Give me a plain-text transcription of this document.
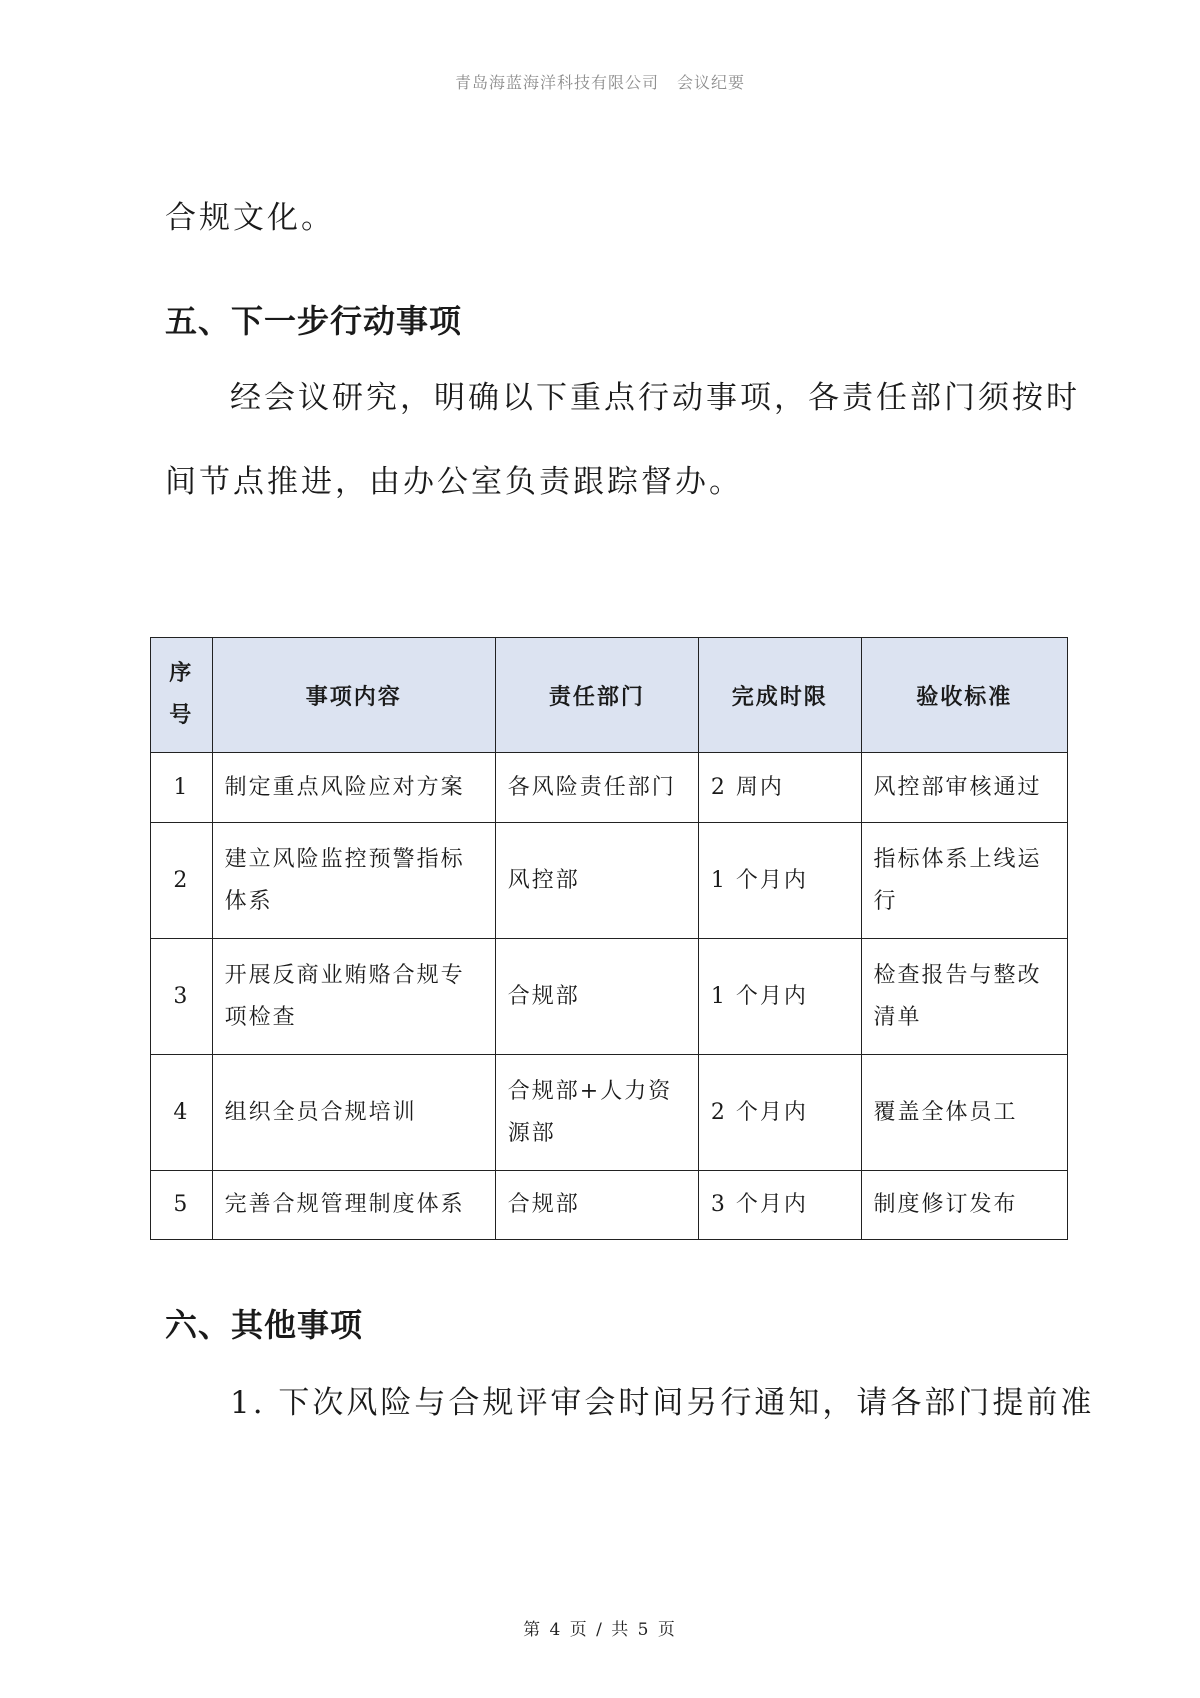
青岛海蓝海洋科技有限公司 会议纪要
合规文化。
五、下一步行动事项
经会议研究，明确以下重点行动事项，各责任部门须按时
间节点推进，由办公室负责跟踪督办。
序
号	事项内容	责任部门	完成时限	验收标准
1	制定重点风险应对方案	各风险责任部门	2 周内	风控部审核通过
2	建立风险监控预警指标体系	风控部	1 个月内	指标体系上线运行
3	开展反商业贿赂合规专项检查	合规部	1 个月内	检查报告与整改清单
4	组织全员合规培训	合规部+人力资源部	2 个月内	覆盖全体员工
5	完善合规管理制度体系	合规部	3 个月内	制度修订发布
六、其他事项
1. 下次风险与合规评审会时间另行通知，请各部门提前准
第 4 页 / 共 5 页
